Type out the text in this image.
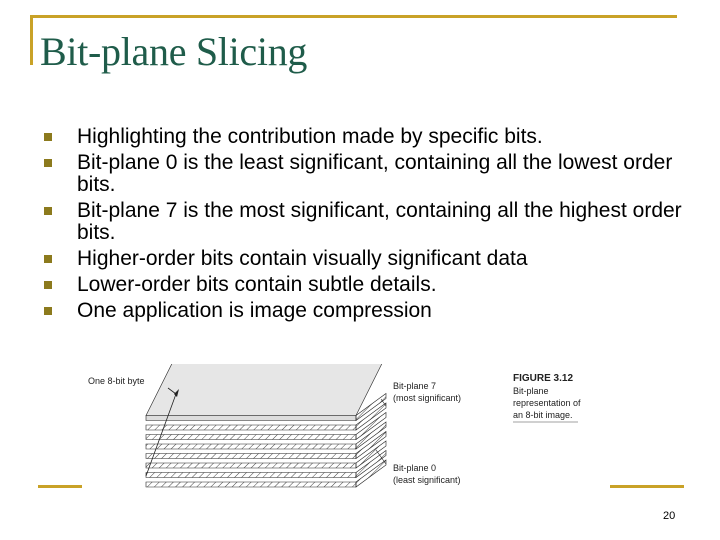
Bit-plane Slicing
Highlighting the contribution made by specific bits.
Bit-plane 0 is the least significant, containing all the lowest order bits.
Bit-plane 7 is the most significant, containing all the highest order bits.
Higher-order bits contain visually significant data
Lower-order bits contain subtle details.
One application is image compression
One 8-bit byte	Bit-plane 7
(most significant)
Bit-plane 0
(least significant)
FIGURE 3.12
Bit-plane
representation of
an 8-bit image.
20
